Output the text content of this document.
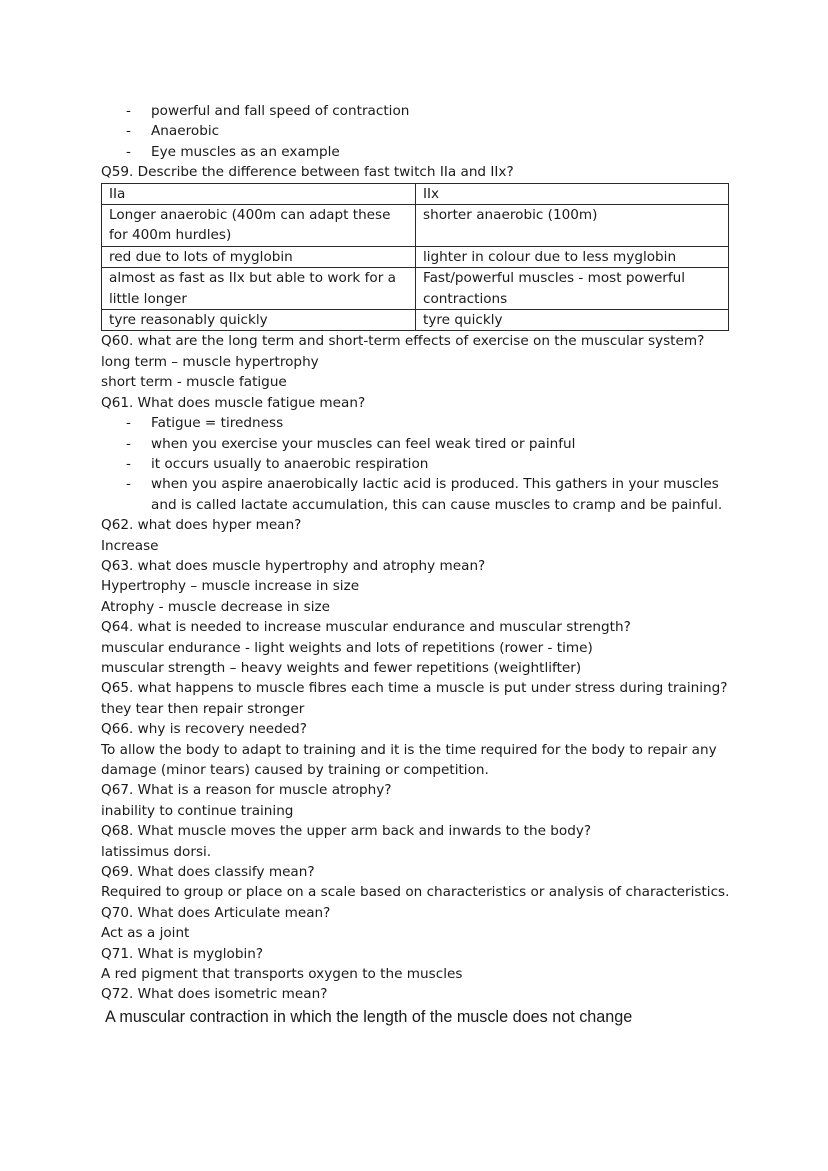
- powerful and fall speed of contraction
- Anaerobic
- Eye muscles as an example

Q59. Describe the difference between fast twitch IIa and IIx?

IIa	IIx
Longer anaerobic (400m can adapt these for 400m hurdles)	shorter anaerobic (100m)
red due to lots of myglobin	lighter in colour due to less myglobin
almost as fast as IIx but able to work for a little longer	Fast/powerful muscles - most powerful contractions
tyre reasonably quickly	tyre quickly

Q60. what are the long term and short-term effects of exercise on the muscular system?

long term – muscle hypertrophy

short term - muscle fatigue

Q61. What does muscle fatigue mean?

- Fatigue = tiredness
- when you exercise your muscles can feel weak tired or painful
- it occurs usually to anaerobic respiration
- when you aspire anaerobically lactic acid is produced. This gathers in your muscles and is called lactate accumulation, this can cause muscles to cramp and be painful.

Q62. what does hyper mean?

Increase

Q63. what does muscle hypertrophy and atrophy mean?

Hypertrophy – muscle increase in size

Atrophy - muscle decrease in size

Q64. what is needed to increase muscular endurance and muscular strength?

muscular endurance - light weights and lots of repetitions (rower - time)

muscular strength – heavy weights and fewer repetitions (weightlifter)

Q65. what happens to muscle fibres each time a muscle is put under stress during training?

they tear then repair stronger

Q66. why is recovery needed?

To allow the body to adapt to training and it is the time required for the body to repair any damage (minor tears) caused by training or competition.

Q67. What is a reason for muscle atrophy?

inability to continue training

Q68. What muscle moves the upper arm back and inwards to the body?

latissimus dorsi.

Q69. What does classify mean?

Required to group or place on a scale based on characteristics or analysis of characteristics.

Q70. What does Articulate mean?

Act as a joint

Q71. What is myglobin?

A red pigment that transports oxygen to the muscles

Q72. What does isometric mean?

A muscular contraction in which the length of the muscle does not change
